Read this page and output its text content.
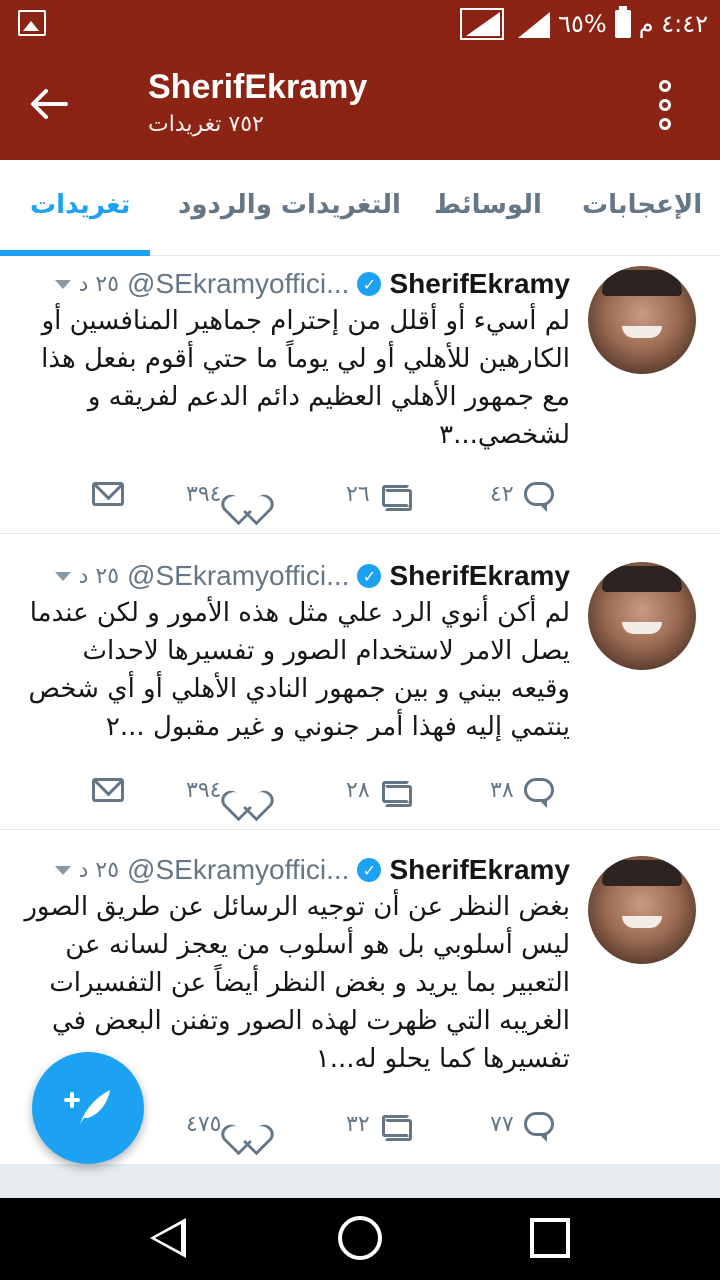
٤:٤٢ م
٦٥%
SherifEkramy
٧٥٢ تغريدات
تغريدات التغريدات والردود الوسائط الإعجابات
SherifEkramy
✓
@SEkramyoffici...
٢٥ د
لم أسيء أو أقلل من إحترام جماهير المنافسين أو الكارهين للأهلي أو لي يوماً ما حتي أقوم بفعل هذا مع جمهور الأهلي العظيم دائم الدعم لفريقه و لشخصي...٣
٤٢
٢٦
٣٩٤
SherifEkramy
✓
@SEkramyoffici...
٢٥ د
لم أكن أنوي الرد علي مثل هذه الأمور و لكن عندما يصل الامر لاستخدام الصور و تفسيرها لاحداث وقيعه بيني و بين جمهور النادي الأهلي أو أي شخص ينتمي إليه فهذا أمر جنوني و غير مقبول ...٢
٣٨
٢٨
٣٩٤
SherifEkramy
✓
@SEkramyoffici...
٢٥ د
بغض النظر عن أن توجيه الرسائل عن طريق الصور ليس أسلوبي بل هو أسلوب من يعجز لسانه عن التعبير بما يريد و بغض النظر أيضاً عن التفسيرات الغريبه التي ظهرت لهذه الصور وتفنن البعض في تفسيرها كما يحلو له...١
٧٧
٣٢
٤٧٥
